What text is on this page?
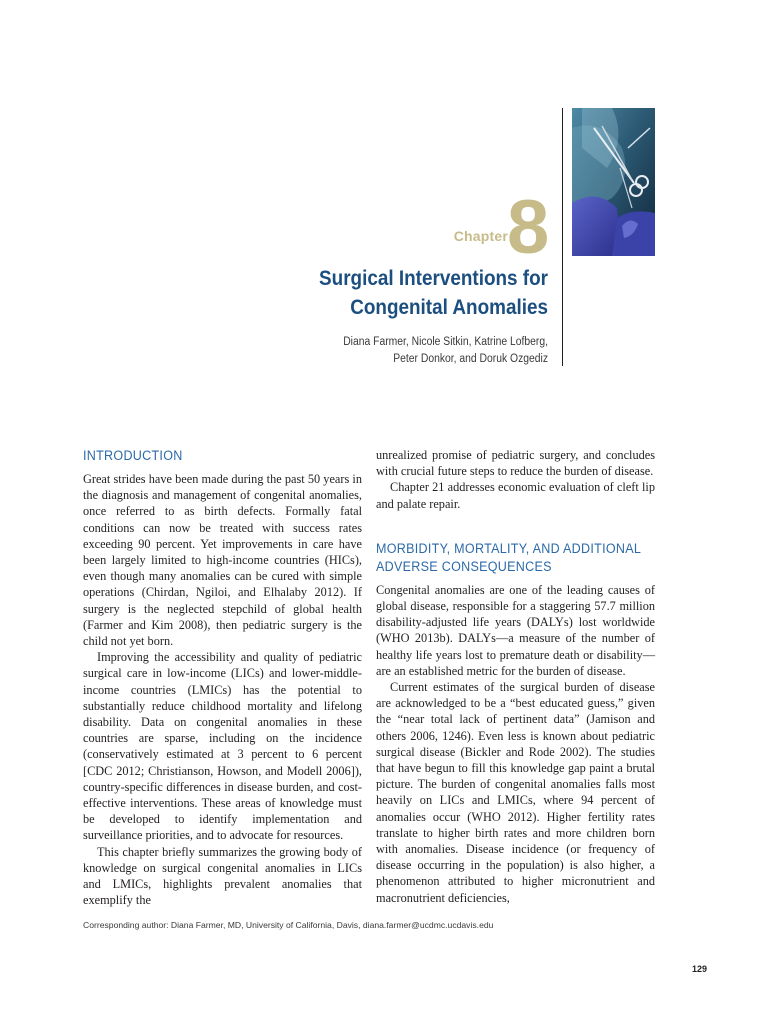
Chapter 8
Surgical Interventions for
Congenital Anomalies
Diana Farmer, Nicole Sitkin, Katrine Lofberg,
Peter Donkor, and Doruk Ozgediz
INTRODUCTION

Great strides have been made during the past 50 years in the diagnosis and management of congenital anomalies, once referred to as birth defects. Formally fatal conditions can now be treated with success rates exceeding 90 percent. Yet improvements in care have been largely limited to high-income countries (HICs), even though many anomalies can be cured with simple operations (Chirdan, Ngiloi, and Elhalaby 2012). If surgery is the neglected stepchild of global health (Farmer and Kim 2008), then pediatric surgery is the child not yet born.

Improving the accessibility and quality of pediatric surgical care in low-income (LICs) and lower-middle-income countries (LMICs) has the potential to substantially reduce childhood mortality and lifelong disability. Data on congenital anomalies in these countries are sparse, including on the incidence (conservatively estimated at 3 percent to 6 percent [CDC 2012; Christianson, Howson, and Modell 2006]), country-specific differences in disease burden, and cost-effective interventions. These areas of knowledge must be developed to identify implementation and surveillance priorities, and to advocate for resources.

This chapter briefly summarizes the growing body of knowledge on surgical congenital anomalies in LICs and LMICs, highlights prevalent anomalies that exemplify the

unrealized promise of pediatric surgery, and concludes with crucial future steps to reduce the burden of disease.

Chapter 21 addresses economic evaluation of cleft lip and palate repair.

MORBIDITY, MORTALITY, AND ADDITIONAL
ADVERSE CONSEQUENCES

Congenital anomalies are one of the leading causes of global disease, responsible for a staggering 57.7 million disability-adjusted life years (DALYs) lost worldwide (WHO 2013b). DALYs—a measure of the number of healthy life years lost to premature death or disability—are an established metric for the burden of disease.

Current estimates of the surgical burden of disease are acknowledged to be a “best educated guess,” given the “near total lack of pertinent data” (Jamison and others 2006, 1246). Even less is known about pediatric surgical disease (Bickler and Rode 2002). The studies that have begun to fill this knowledge gap paint a brutal picture. The burden of congenital anomalies falls most heavily on LICs and LMICs, where 94 percent of anomalies occur (WHO 2012). Higher fertility rates translate to higher birth rates and more children born with anomalies. Disease incidence (or frequency of disease occurring in the population) is also higher, a phenomenon attributed to higher micronutrient and macronutrient deficiencies,

Corresponding author: Diana Farmer, MD, University of California, Davis, diana.farmer@ucdmc.ucdavis.edu
129
